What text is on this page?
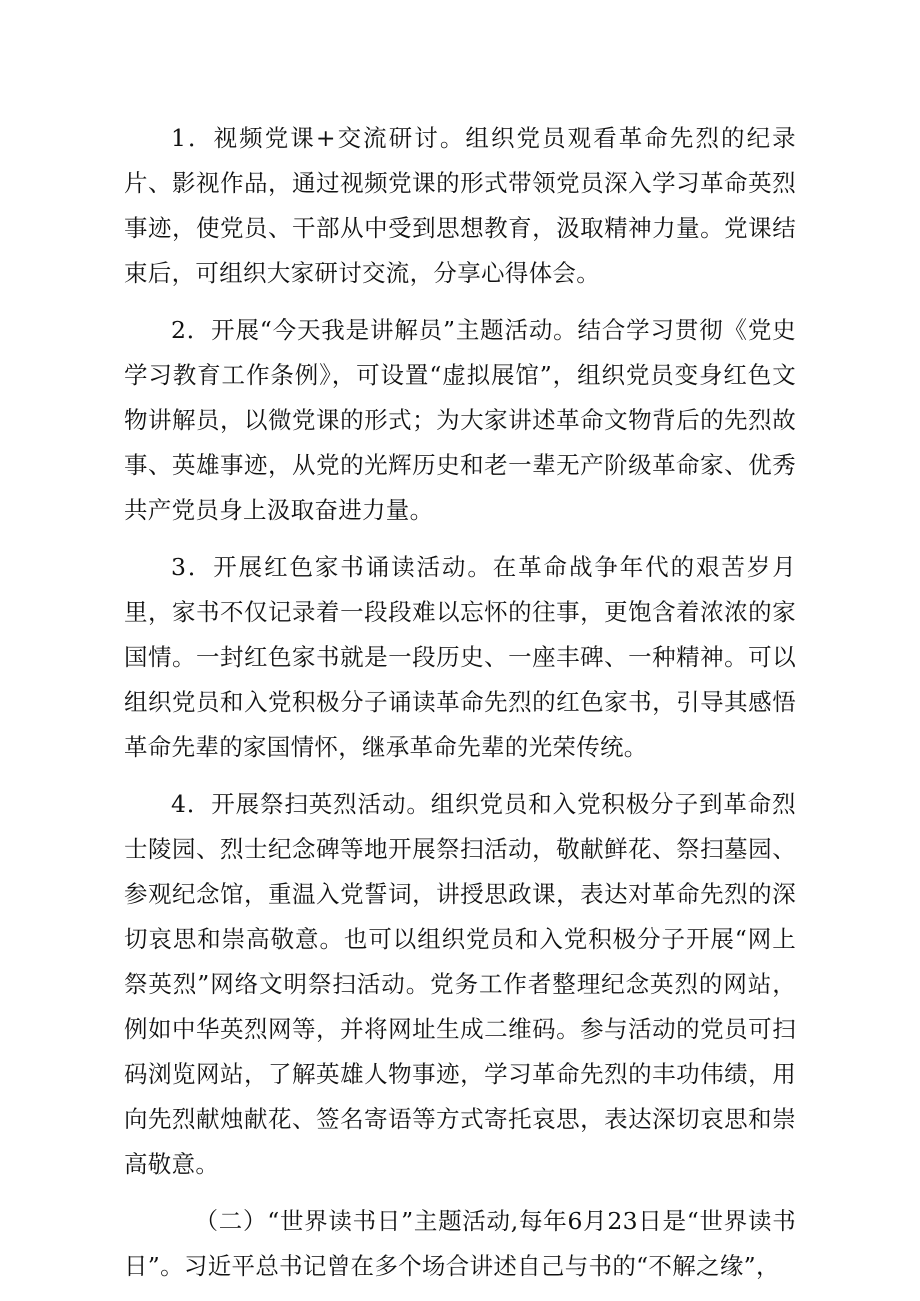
1．视频党课+交流研讨。组织党员观看革命先烈的纪录片、影视作品，通过视频党课的形式带领党员深入学习革命英烈事迹，使党员、干部从中受到思想教育，汲取精神力量。党课结束后，可组织大家研讨交流，分享心得体会。

2．开展“今天我是讲解员”主题活动。结合学习贯彻《党史学习教育工作条例》，可设置“虚拟展馆”，组织党员变身红色文物讲解员，以微党课的形式；为大家讲述革命文物背后的先烈故事、英雄事迹，从党的光辉历史和老一辈无产阶级革命家、优秀共产党员身上汲取奋进力量。

3．开展红色家书诵读活动。在革命战争年代的艰苦岁月里，家书不仅记录着一段段难以忘怀的往事，更饱含着浓浓的家国情。一封红色家书就是一段历史、一座丰碑、一种精神。可以组织党员和入党积极分子诵读革命先烈的红色家书，引导其感悟革命先辈的家国情怀，继承革命先辈的光荣传统。

4．开展祭扫英烈活动。组织党员和入党积极分子到革命烈士陵园、烈士纪念碑等地开展祭扫活动，敬献鲜花、祭扫墓园、参观纪念馆，重温入党誓词，讲授思政课，表达对革命先烈的深切哀思和崇高敬意。也可以组织党员和入党积极分子开展“网上祭英烈”网络文明祭扫活动。党务工作者整理纪念英烈的网站，例如中华英烈网等，并将网址生成二维码。参与活动的党员可扫码浏览网站，了解英雄人物事迹，学习革命先烈的丰功伟绩，用向先烈献烛献花、签名寄语等方式寄托哀思，表达深切哀思和崇高敬意。

（二）“世界读书日”主题活动,每年6月23日是“世界读书日”。习近平总书记曾在多个场合讲述自己与书的“不解之缘”，
